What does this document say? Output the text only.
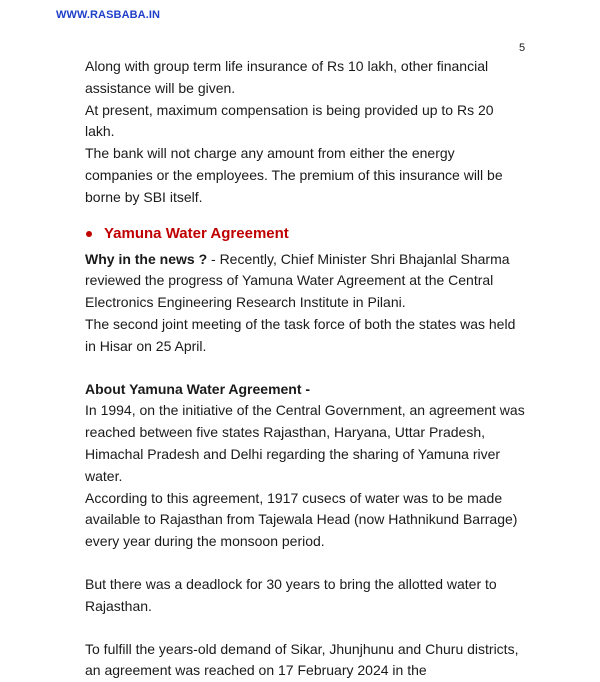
WWW.RASBABA.IN
5

Along with group term life insurance of Rs 10 lakh, other financial assistance will be given.

At present, maximum compensation is being provided up to Rs 20 lakh.

The bank will not charge any amount from either the energy companies or the employees. The premium of this insurance will be borne by SBI itself.

Yamuna Water Agreement

Why in the news ? - Recently, Chief Minister Shri Bhajanlal Sharma reviewed the progress of Yamuna Water Agreement at the Central Electronics Engineering Research Institute in Pilani.

The second joint meeting of the task force of both the states was held in Hisar on 25 April.

About Yamuna Water Agreement -

In 1994, on the initiative of the Central Government, an agreement was reached between five states Rajasthan, Haryana, Uttar Pradesh, Himachal Pradesh and Delhi regarding the sharing of Yamuna river water.

According to this agreement, 1917 cusecs of water was to be made available to Rajasthan from Tajewala Head (now Hathnikund Barrage) every year during the monsoon period.

But there was a deadlock for 30 years to bring the allotted water to Rajasthan.

To fulfill the years-old demand of Sikar, Jhunjhunu and Churu districts, an agreement was reached on 17 February 2024 in the
